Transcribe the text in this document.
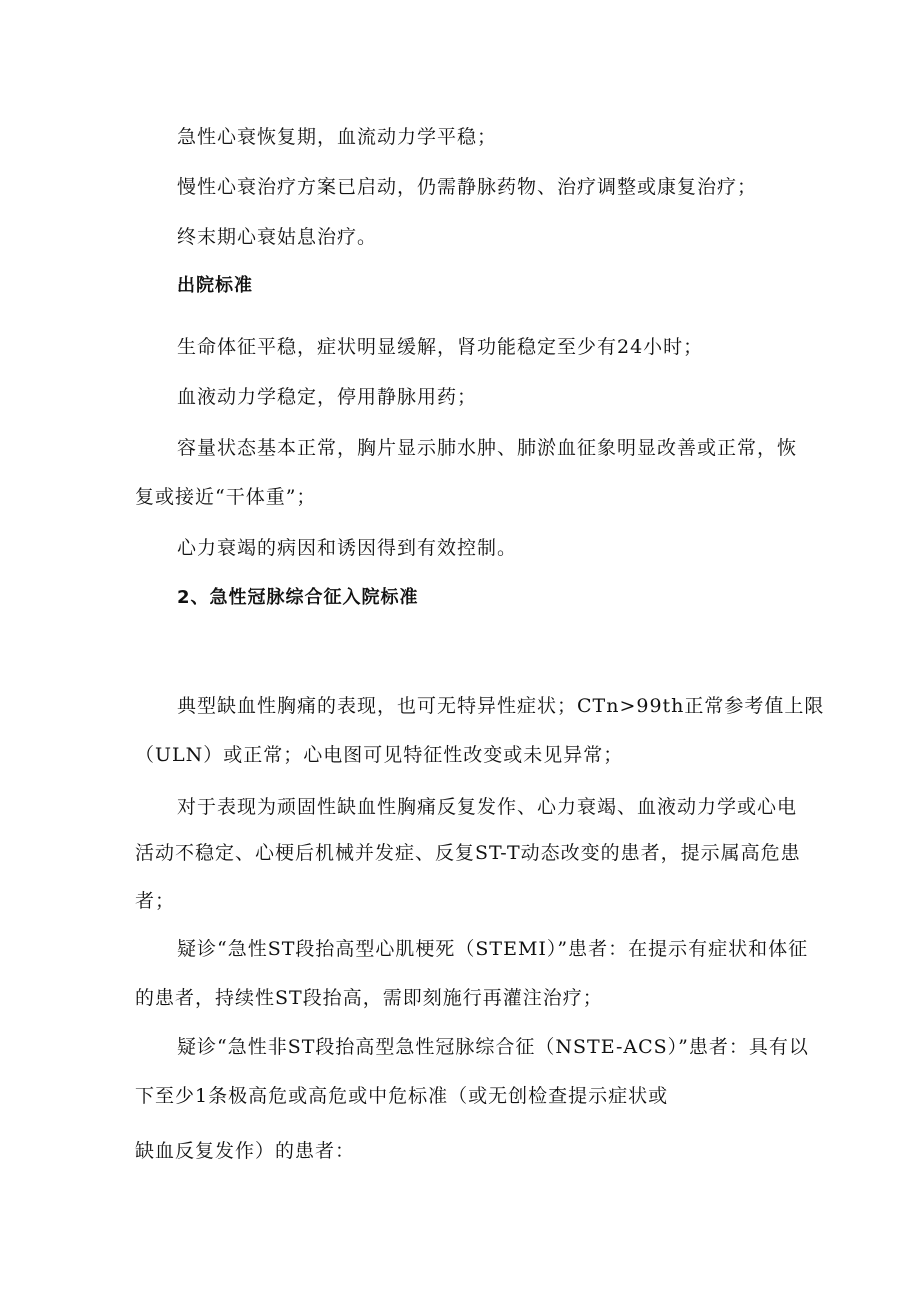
急性心衰恢复期，血流动力学平稳；
慢性心衰治疗方案已启动，仍需静脉药物、治疗调整或康复治疗；
终末期心衰姑息治疗。
出院标准
生命体征平稳，症状明显缓解，肾功能稳定至少有24小时；
血液动力学稳定，停用静脉用药；
容量状态基本正常，胸片显示肺水肿、肺淤血征象明显改善或正常，恢
复或接近“干体重”；
心力衰竭的病因和诱因得到有效控制。
2、急性冠脉综合征入院标准
典型缺血性胸痛的表现，也可无特异性症状；CTn>99th正常参考值上限
（ULN）或正常；心电图可见特征性改变或未见异常；
对于表现为顽固性缺血性胸痛反复发作、心力衰竭、血液动力学或心电
活动不稳定、心梗后机械并发症、反复ST-T动态改变的患者，提示属高危患
者；
疑诊“急性ST段抬高型心肌梗死（STEMI）”患者：在提示有症状和体征
的患者，持续性ST段抬高，需即刻施行再灌注治疗；
疑诊“急性非ST段抬高型急性冠脉综合征（NSTE-ACS）”患者：具有以
下至少1条极高危或高危或中危标准（或无创检查提示症状或
缺血反复发作）的患者：
